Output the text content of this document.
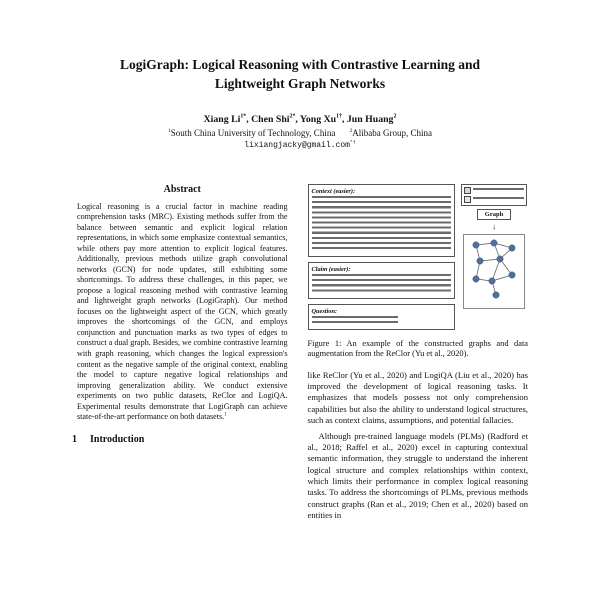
LogiGraph: Logical Reasoning with Contrastive Learning and
Lightweight Graph Networks
Xiang $Li^{1*}$, Chen Shi$^{2*}$, Yong $Xu^{1\dagger}$, Jun Huang$^2$
$^1$South China University of Technology, China	$^2$Alibaba Group, China
lixiangjacky@gmail.com*†
Abstract
Logical reasoning is a crucial factor in machine reading comprehension tasks (MRC). Existing methods suffer from the balance between semantic and explicit logical relation representations, in which some emphasize contextual semantics, while others pay more attention to explicit logical features. Additionally, previous methods utilize graph convolutional networks (GCN) for node updates, still exhibiting some shortcomings. To address these challenges, in this paper, we propose a logical reasoning method with contrastive learning and lightweight graph networks (LogiGraph). Our method focuses on the lightweight aspect of the GCN, which greatly improves the shortcomings of the GCN, and employs conjunction and punctuation marks as two types of edges to construct a dual graph. Besides, we combine contrastive learning with graph reasoning, which changes the logical expression's content as the negative sample of the original context, enabling the model to capture negative logical relationships and improving generalization ability. We conduct extensive experiments on two public datasets, ReClor and LogiQA. Experimental results demonstrate that LogiGraph can achieve state-of-the-art performance on both datasets.$^1$
1 Introduction
Context (easier):
Claim (easier):
Question:
Graph
↓
Figure 1: An example of the constructed graphs and data augmentation from the ReClor (Yu et al., 2020).
like ReClor (Yu et al., 2020) and LogiQA (Liu et al., 2020) has improved the development of logical reasoning tasks. It emphasizes that models possess not only comprehension capabilities but also the ability to understand logical structures, such as context claims, assumptions, and potential fallacies.
Although pre-trained language models (PLMs) (Radford et al., 2018; Raffel et al., 2020) excel in capturing contextual semantic information, they struggle to understand the inherent logical structure and complex relationships within context, which limits their performance in complex logical reasoning tasks. To address the shortcomings of PLMs, previous methods construct graphs (Ran et al., 2019; Chen et al., 2020) based on entities in
